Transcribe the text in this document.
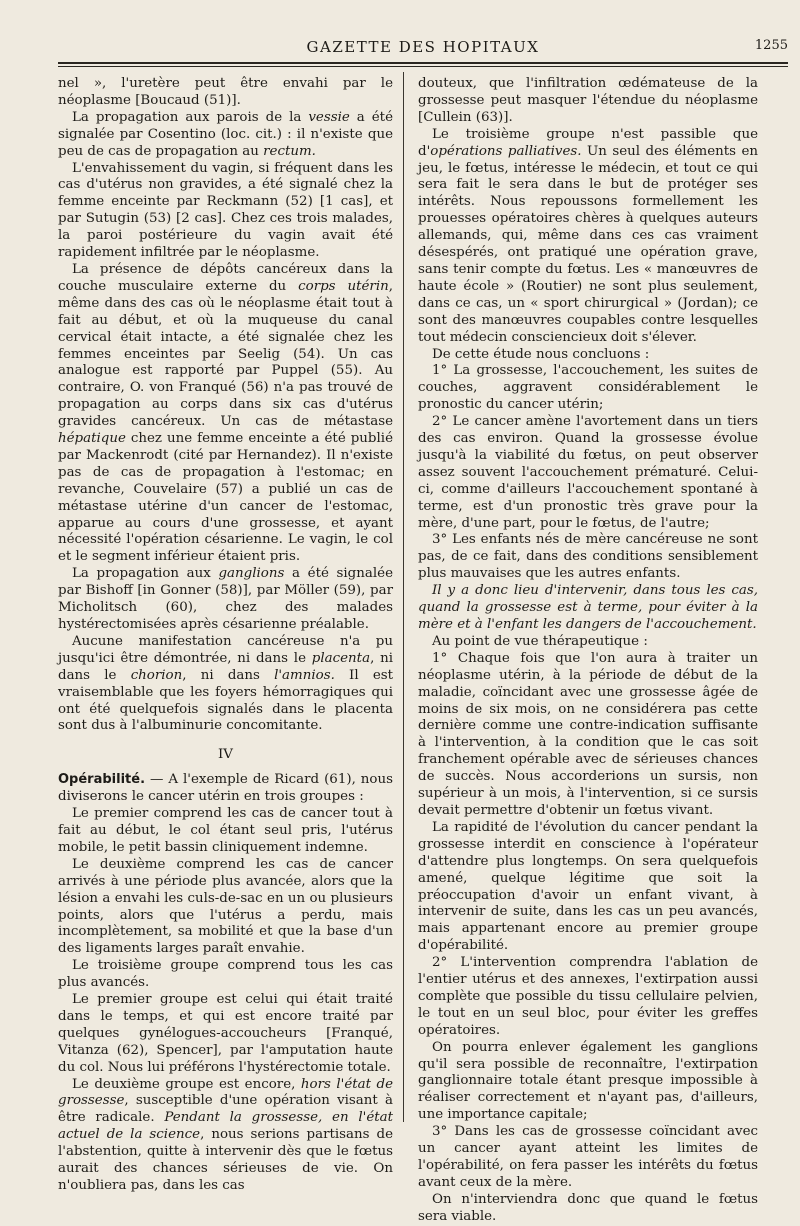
GAZETTE DES HOPITAUX	1255

nel », l'uretère peut être envahi par le néoplasme [Boucaud (51)].

La propagation aux parois de la vessie a été signalée par Cosentino (loc. cit.) : il n'existe que peu de cas de propagation au rectum.

L'envahissement du vagin, si fréquent dans les cas d'utérus non gravides, a été signalé chez la femme enceinte par Reckmann (52) [1 cas], et par Sutugin (53) [2 cas]. Chez ces trois malades, la paroi postérieure du vagin avait été rapidement infiltrée par le néoplasme.

La présence de dépôts cancéreux dans la couche musculaire externe du corps utérin, même dans des cas où le néoplasme était tout à fait au début, et où la muqueuse du canal cervical était intacte, a été signalée chez les femmes enceintes par Seelig (54). Un cas analogue est rapporté par Puppel (55). Au contraire, O. von Franqué (56) n'a pas trouvé de propagation au corps dans six cas d'utérus gravides cancéreux. Un cas de métastase hépatique chez une femme enceinte a été publié par Mackenrodt (cité par Hernandez). Il n'existe pas de cas de propagation à l'estomac; en revanche, Couvelaire (57) a publié un cas de métastase utérine d'un cancer de l'estomac, apparue au cours d'une grossesse, et ayant nécessité l'opération césarienne. Le vagin, le col et le segment inférieur étaient pris.

La propagation aux ganglions a été signalée par Bishoff [in Gonner (58)], par Möller (59), par Micholitsch (60), chez des malades hystérectomisées après césarienne préalable.

Aucune manifestation cancéreuse n'a pu jusqu'ici être démontrée, ni dans le placenta, ni dans le chorion, ni dans l'amnios. Il est vraisemblable que les foyers hémorragiques qui ont été quelquefois signalés dans le placenta sont dus à l'albuminurie concomitante.

IV

Opérabilité. — A l'exemple de Ricard (61), nous diviserons le cancer utérin en trois groupes :

Le premier comprend les cas de cancer tout à fait au début, le col étant seul pris, l'utérus mobile, le petit bassin cliniquement indemne.

Le deuxième comprend les cas de cancer arrivés à une période plus avancée, alors que la lésion a envahi les culs-de-sac en un ou plusieurs points, alors que l'utérus a perdu, mais incomplètement, sa mobilité et que la base d'un des ligaments larges paraît envahie.

Le troisième groupe comprend tous les cas plus avancés.

Le premier groupe est celui qui était traité dans le temps, et qui est encore traité par quelques gynélogues-accoucheurs [Franqué, Vitanza (62), Spencer], par l'amputation haute du col. Nous lui préférons l'hystérectomie totale.

Le deuxième groupe est encore, hors l'état de grossesse, susceptible d'une opération visant à être radicale. Pendant la grossesse, en l'état actuel de la science, nous serions partisans de l'abstention, quitte à intervenir dès que le fœtus aurait des chances sérieuses de vie. On n'oubliera pas, dans les cas

douteux, que l'infiltration œdémateuse de la grossesse peut masquer l'étendue du néoplasme [Cullein (63)].

Le troisième groupe n'est passible que d'opérations palliatives. Un seul des éléments en jeu, le fœtus, intéresse le médecin, et tout ce qui sera fait le sera dans le but de protéger ses intérêts. Nous repoussons formellement les prouesses opératoires chères à quelques auteurs allemands, qui, même dans ces cas vraiment désespérés, ont pratiqué une opération grave, sans tenir compte du fœtus. Les « manœuvres de haute école » (Routier) ne sont plus seulement, dans ce cas, un « sport chirurgical » (Jordan); ce sont des manœuvres coupables contre lesquelles tout médecin consciencieux doit s'élever.

De cette étude nous concluons :

1° La grossesse, l'accouchement, les suites de couches, aggravent considérablement le pronostic du cancer utérin;

2° Le cancer amène l'avortement dans un tiers des cas environ. Quand la grossesse évolue jusqu'à la viabilité du fœtus, on peut observer assez souvent l'accouchement prématuré. Celui-ci, comme d'ailleurs l'accouchement spontané à terme, est d'un pronostic très grave pour la mère, d'une part, pour le fœtus, de l'autre;

3° Les enfants nés de mère cancéreuse ne sont pas, de ce fait, dans des conditions sensiblement plus mauvaises que les autres enfants.

Il y a donc lieu d'intervenir, dans tous les cas, quand la grossesse est à terme, pour éviter à la mère et à l'enfant les dangers de l'accouchement.

Au point de vue thérapeutique :

1° Chaque fois que l'on aura à traiter un néoplasme utérin, à la période de début de la maladie, coïncidant avec une grossesse âgée de moins de six mois, on ne considérera pas cette dernière comme une contre-indication suffisante à l'intervention, à la condition que le cas soit franchement opérable avec de sérieuses chances de succès. Nous accorderions un sursis, non supérieur à un mois, à l'intervention, si ce sursis devait permettre d'obtenir un fœtus vivant.

La rapidité de l'évolution du cancer pendant la grossesse interdit en conscience à l'opérateur d'attendre plus longtemps. On sera quelquefois amené, quelque légitime que soit la préoccupation d'avoir un enfant vivant, à intervenir de suite, dans les cas un peu avancés, mais appartenant encore au premier groupe d'opérabilité.

2° L'intervention comprendra l'ablation de l'entier utérus et des annexes, l'extirpation aussi complète que possible du tissu cellulaire pelvien, le tout en un seul bloc, pour éviter les greffes opératoires.

On pourra enlever également les ganglions qu'il sera possible de reconnaître, l'extirpation ganglionnaire totale étant presque impossible à réaliser correctement et n'ayant pas, d'ailleurs, une importance capitale;

3° Dans les cas de grossesse coïncidant avec un cancer ayant atteint les limites de l'opérabilité, on fera passer les intérêts du fœtus avant ceux de la mère.

On n'interviendra donc que quand le fœtus sera viable.
